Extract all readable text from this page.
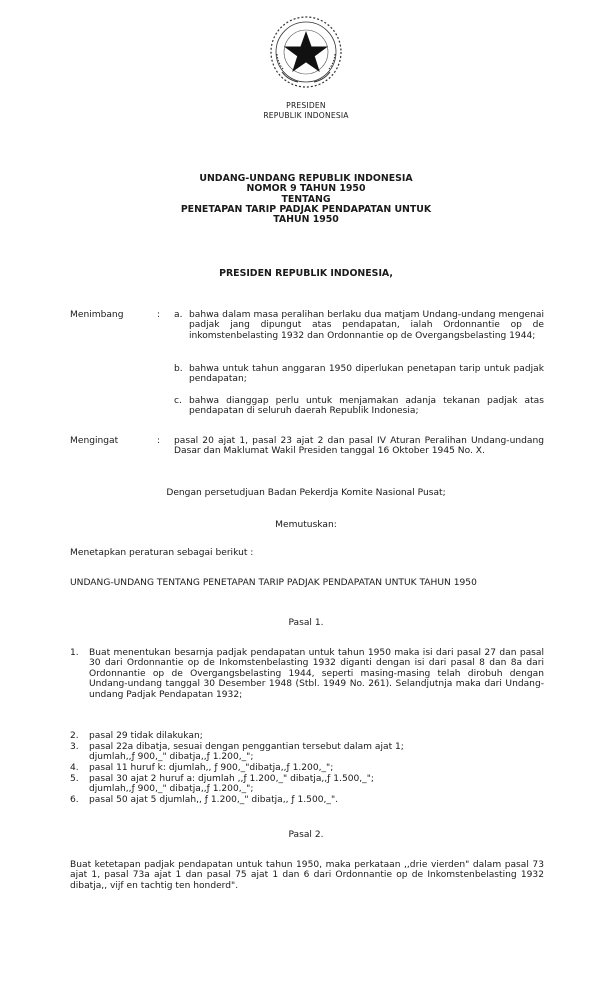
PRESIDEN
REPUBLIK INDONESIA
UNDANG-UNDANG REPUBLIK INDONESIA
NOMOR 9 TAHUN 1950
TENTANG
PENETAPAN TARIP PADJAK PENDAPATAN UNTUK
TAHUN 1950
PRESIDEN REPUBLIK INDONESIA,
Menimbang	: a. bahwa dalam masa peralihan berlaku dua matjam Undang-undang mengenai padjak jang dipungut atas pendapatan, ialah Ordonnantie op de inkomstenbelasting 1932 dan Ordonnantie op de Overgangsbelasting 1944;
b. bahwa untuk tahun anggaran 1950 diperlukan penetapan tarip untuk padjak pendapatan;
c. bahwa dianggap perlu untuk menjamakan adanja tekanan padjak atas pendapatan di seluruh daerah Republik Indonesia;
Mengingat	: pasal 20 ajat 1, pasal 23 ajat 2 dan pasal IV Aturan Peralihan Undang-undang Dasar dan Maklumat Wakil Presiden tanggal 16 Oktober 1945 No. X.
Dengan persetudjuan Badan Pekerdja Komite Nasional Pusat;
Memutuskan:
Menetapkan peraturan sebagai berikut :
UNDANG-UNDANG TENTANG PENETAPAN TARIP PADJAK PENDAPATAN UNTUK TAHUN 1950
Pasal 1.
1. Buat menentukan besarnja padjak pendapatan untuk tahun 1950 maka isi dari pasal 27 dan pasal 30 dari Ordonnantie op de Inkomstenbelasting 1932 diganti dengan isi dari pasal 8 dan 8a dari Ordonnantie op de Overgangsbelasting 1944, seperti masing-masing telah dirobuh dengan Undang-undang tanggal 30 Desember 1948 (Stbl. 1949 No. 261). Selandjutnja maka dari Undang-undang Padjak Pendapatan 1932;
2. pasal 29 tidak dilakukan;
3. pasal 22a dibatja, sesuai dengan penggantian tersebut dalam ajat 1;
djumlah,,ƒ 900,_" dibatja,,ƒ 1.200,_";
4. pasal 11 huruf k: djumlah,, ƒ 900,_"dibatja,,ƒ 1.200,_";
5. pasal 30 ajat 2 huruf a: djumlah ,,ƒ 1.200,_" dibatja,,ƒ 1.500,_";
djumlah,,ƒ 900,_" dibatja,,ƒ 1.200,_";
6. pasal 50 ajat 5 djumlah,, ƒ 1.200,_" dibatja,, ƒ 1.500,_".
Pasal 2.
Buat ketetapan padjak pendapatan untuk tahun 1950, maka perkataan ,,drie vierden" dalam pasal 73 ajat 1, pasal 73a ajat 1 dan pasal 75 ajat 1 dan 6 dari Ordonnantie op de Inkomstenbelasting 1932 dibatja,, vijf en tachtig ten honderd".
